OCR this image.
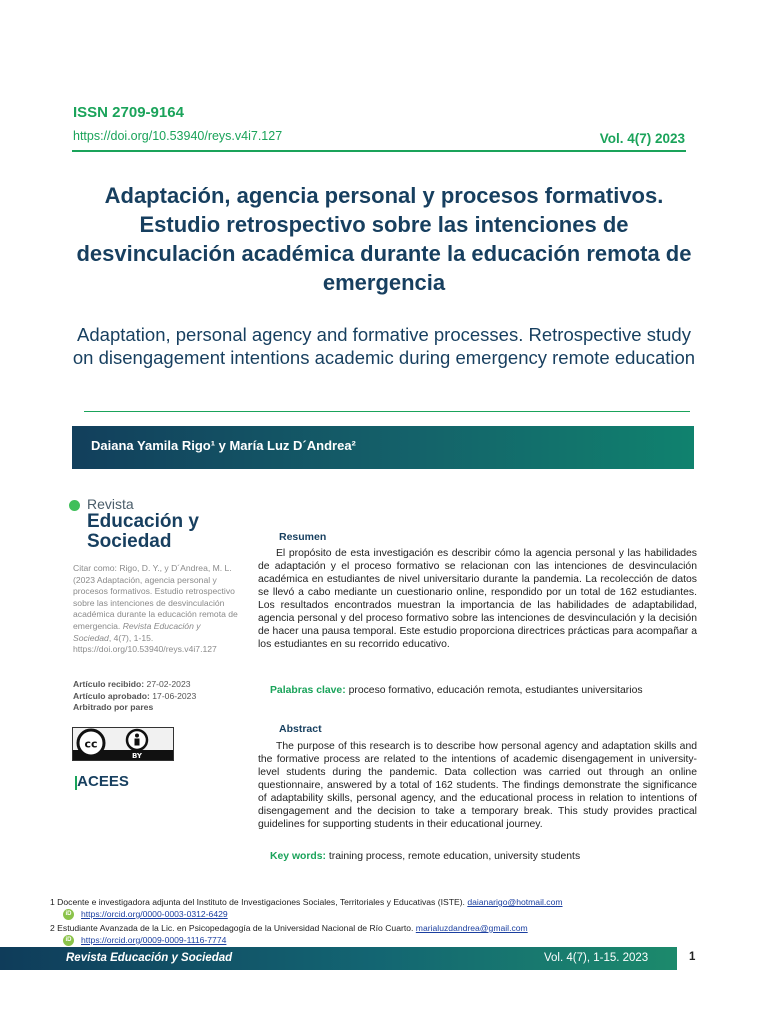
ISSN 2709-9164
https://doi.org/10.53940/reys.v4i7.127	Vol. 4(7) 2023
Adaptación, agencia personal y procesos formativos. Estudio retrospectivo sobre las intenciones de desvinculación académica durante la educación remota de emergencia
Adaptation, personal agency and formative processes. Retrospective study on disengagement intentions academic during emergency remote education
Daiana Yamila Rigo¹ y María Luz D´Andrea²
Revista
Educación y
Sociedad
Citar como: Rigo, D. Y., y D´Andrea, M. L. (2023 Adaptación, agencia personal y procesos formativos. Estudio retrospectivo sobre las intenciones de desvinculación académica durante la educación remota de emergencia. Revista Educación y Sociedad, 4(7), 1-15. https://doi.org/10.53940/reys.v4i7.127
Artículo recibido: 27-02-2023
Artículo aprobado: 17-06-2023
Arbitrado por pares
cc
BY
ACEES
Resumen
El propósito de esta investigación es describir cómo la agencia personal y las habilidades de adaptación y el proceso formativo se relacionan con las intenciones de desvinculación académica en estudiantes de nivel universitario durante la pandemia. La recolección de datos se llevó a cabo mediante un cuestionario online, respondido por un total de 162 estudiantes. Los resultados encontrados muestran la importancia de las habilidades de adaptabilidad, agencia personal y del proceso formativo sobre las intenciones de desvinculación y la decisión de hacer una pausa temporal. Este estudio proporciona directrices prácticas para acompañar a los estudiantes en su recorrido educativo.
Palabras clave: proceso formativo, educación remota, estudiantes universitarios
Abstract
The purpose of this research is to describe how personal agency and adaptation skills and the formative process are related to the intentions of academic disengagement in university-level students during the pandemic. Data collection was carried out through an online questionnaire, answered by a total of 162 students. The findings demonstrate the significance of adaptability skills, personal agency, and the educational process in relation to intentions of disengagement and the decision to take a temporary break. This study provides practical guidelines for supporting students in their educational journey.
Key words: training process, remote education, university students
1 Docente e investigadora adjunta del Instituto de Investigaciones Sociales, Territoriales y Educativas (ISTE). daianarigo@hotmail.com
iD https://orcid.org/0000-0003-0312-6429
2 Estudiante Avanzada de la Lic. en Psicopedagogía de la Universidad Nacional de Río Cuarto. marialuzdandrea@gmail.com
iD https://orcid.org/0009-0009-1116-7774
Revista Educación y Sociedad	Vol. 4(7), 1-15. 2023	1
